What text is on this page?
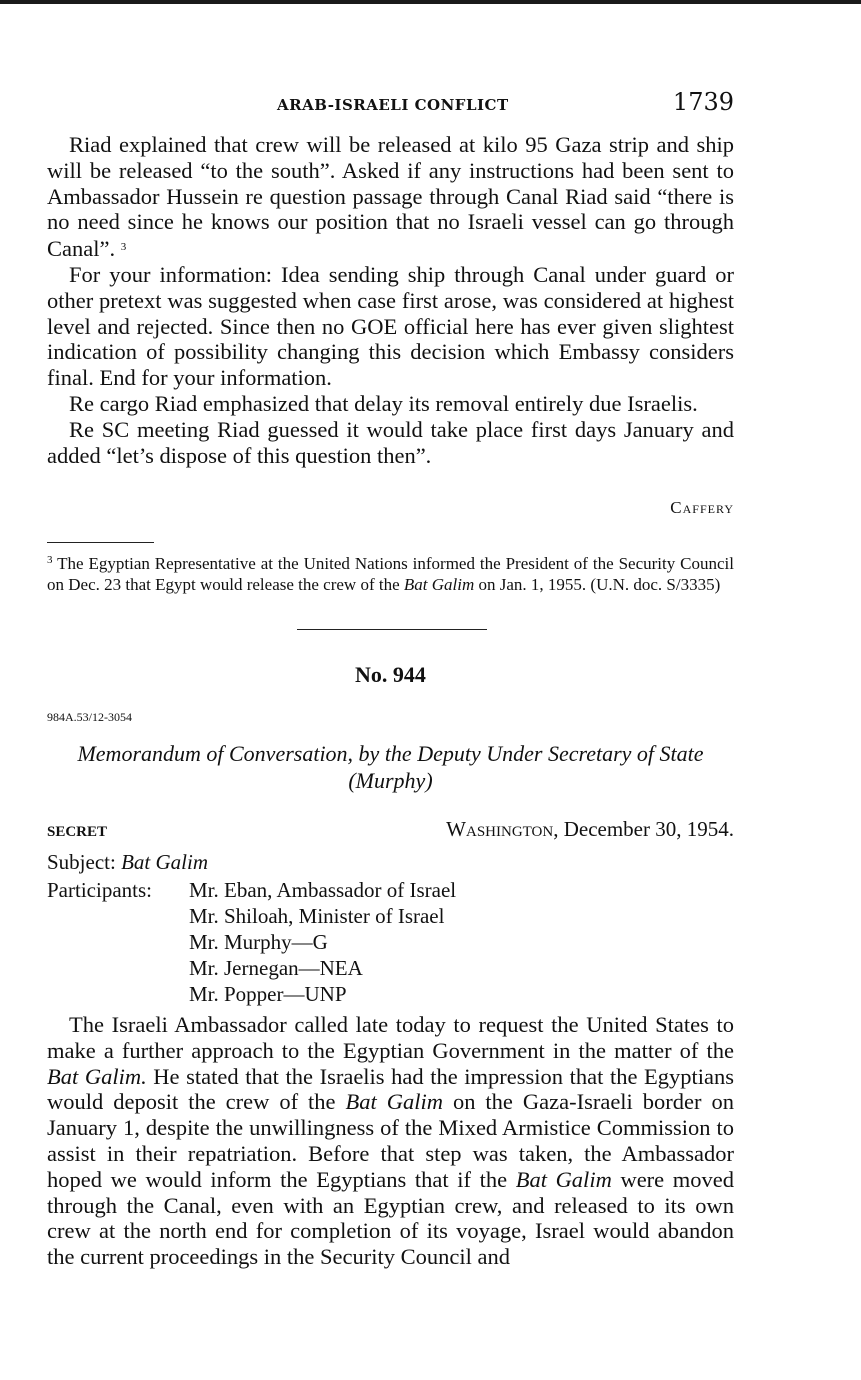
ARAB-ISRAELI CONFLICT	1739

Riad explained that crew will be released at kilo 95 Gaza strip and ship will be released “to the south”. Asked if any instructions had been sent to Ambassador Hussein re question passage through Canal Riad said “there is no need since he knows our position that no Israeli vessel can go through Canal”. $^3$

For your information: Idea sending ship through Canal under guard or other pretext was suggested when case first arose, was considered at highest level and rejected. Since then no GOE official here has ever given slightest indication of possibility changing this decision which Embassy considers final. End for your information.

Re cargo Riad emphasized that delay its removal entirely due Israelis.

Re SC meeting Riad guessed it would take place first days January and added “let’s dispose of this question then”.

Caffery
$^3$ The Egyptian Representative at the United Nations informed the President of the Security Council on Dec. 23 that Egypt would release the crew of the Bat Galim on Jan. 1, 1955. (U.N. doc. S/3335)
No. 944
984A.53/12-3054
Memorandum of Conversation, by the Deputy Under Secretary of State (Murphy)
SECRET	Washington, December 30, 1954.
Subject: Bat Galim
Participants: Mr. Eban, Ambassador of Israel
Mr. Shiloah, Minister of Israel
Mr. Murphy—G
Mr. Jernegan—NEA
Mr. Popper—UNP

The Israeli Ambassador called late today to request the United States to make a further approach to the Egyptian Government in the matter of the Bat Galim. He stated that the Israelis had the impression that the Egyptians would deposit the crew of the Bat Galim on the Gaza-Israeli border on January 1, despite the unwillingness of the Mixed Armistice Commission to assist in their repatriation. Before that step was taken, the Ambassador hoped we would inform the Egyptians that if the Bat Galim were moved through the Canal, even with an Egyptian crew, and released to its own crew at the north end for completion of its voyage, Israel would abandon the current proceedings in the Security Council and
